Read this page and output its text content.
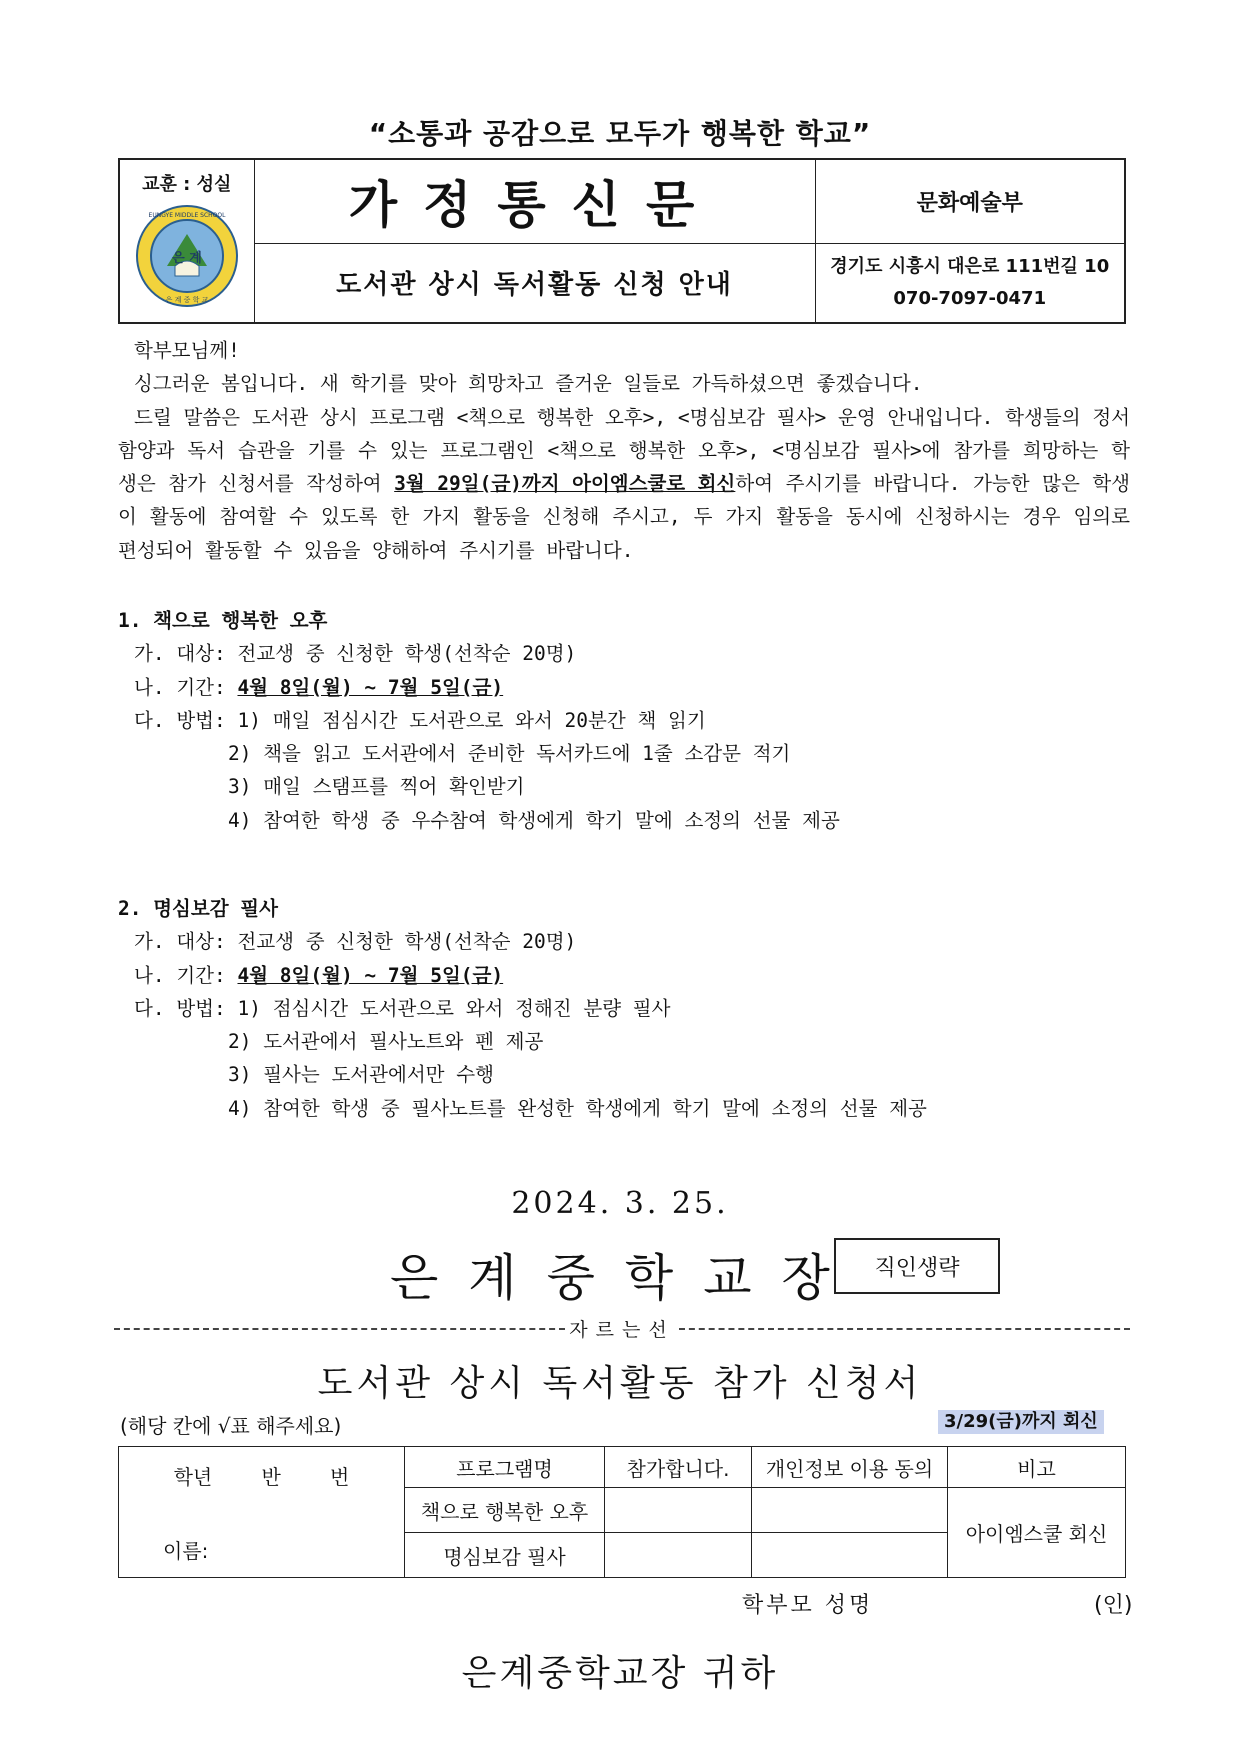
“소통과 공감으로 모두가 행복한 학교”
교훈 : 성실
은 계
EUNGYE MIDDLE SCHOOL
은 계 중 학 교	가정통신문	문화예술부
	도서관 상시 독서활동 신청 안내	경기도 시흥시 대은로 111번길 10
070-7097-0471

학부모님께!

싱그러운 봄입니다. 새 학기를 맞아 희망차고 즐거운 일들로 가득하셨으면 좋겠습니다.

드릴 말씀은 도서관 상시 프로그램 <책으로 행복한 오후>, <명심보감 필사> 운영 안내입니다. 학생들의 정서 함양과 독서 습관을 기를 수 있는 프로그램인 <책으로 행복한 오후>, <명심보감 필사>에 참가를 희망하는 학생은 참가 신청서를 작성하여 3월 29일(금)까지 아이엠스쿨로 회신하여 주시기를 바랍니다. 가능한 많은 학생이 활동에 참여할 수 있도록 한 가지 활동을 신청해 주시고, 두 가지 활동을 동시에 신청하시는 경우 임의로 편성되어 활동할 수 있음을 양해하여 주시기를 바랍니다.

1. 책으로 행복한 오후

가. 대상: 전교생 중 신청한 학생(선착순 20명)

나. 기간: 4월 8일(월) ~ 7월 5일(금)

다. 방법: 1) 매일 점심시간 도서관으로 와서 20분간 책 읽기

2) 책을 읽고 도서관에서 준비한 독서카드에 1줄 소감문 적기

3) 매일 스탬프를 찍어 확인받기

4) 참여한 학생 중 우수참여 학생에게 학기 말에 소정의 선물 제공

2. 명심보감 필사

가. 대상: 전교생 중 신청한 학생(선착순 20명)

나. 기간: 4월 8일(월) ~ 7월 5일(금)

다. 방법: 1) 점심시간 도서관으로 와서 정해진 분량 필사

2) 도서관에서 필사노트와 펜 제공

3) 필사는 도서관에서만 수행

4) 참여한 학생 중 필사노트를 완성한 학생에게 학기 말에 소정의 선물 제공

2024. 3. 25.
은계중학교장 직인생략
자르는선
도서관 상시 독서활동 참가 신청서
(해당 칸에 √표 해주세요)	3/29(금)까지 회신
학년 반 번
이름:	프로그램명	참가합니다.	개인정보 이용 동의	비고
	책으로 행복한 오후			아이엠스쿨 회신
	명심보감 필사			
학부모 성명	(인)
은계중학교장 귀하
